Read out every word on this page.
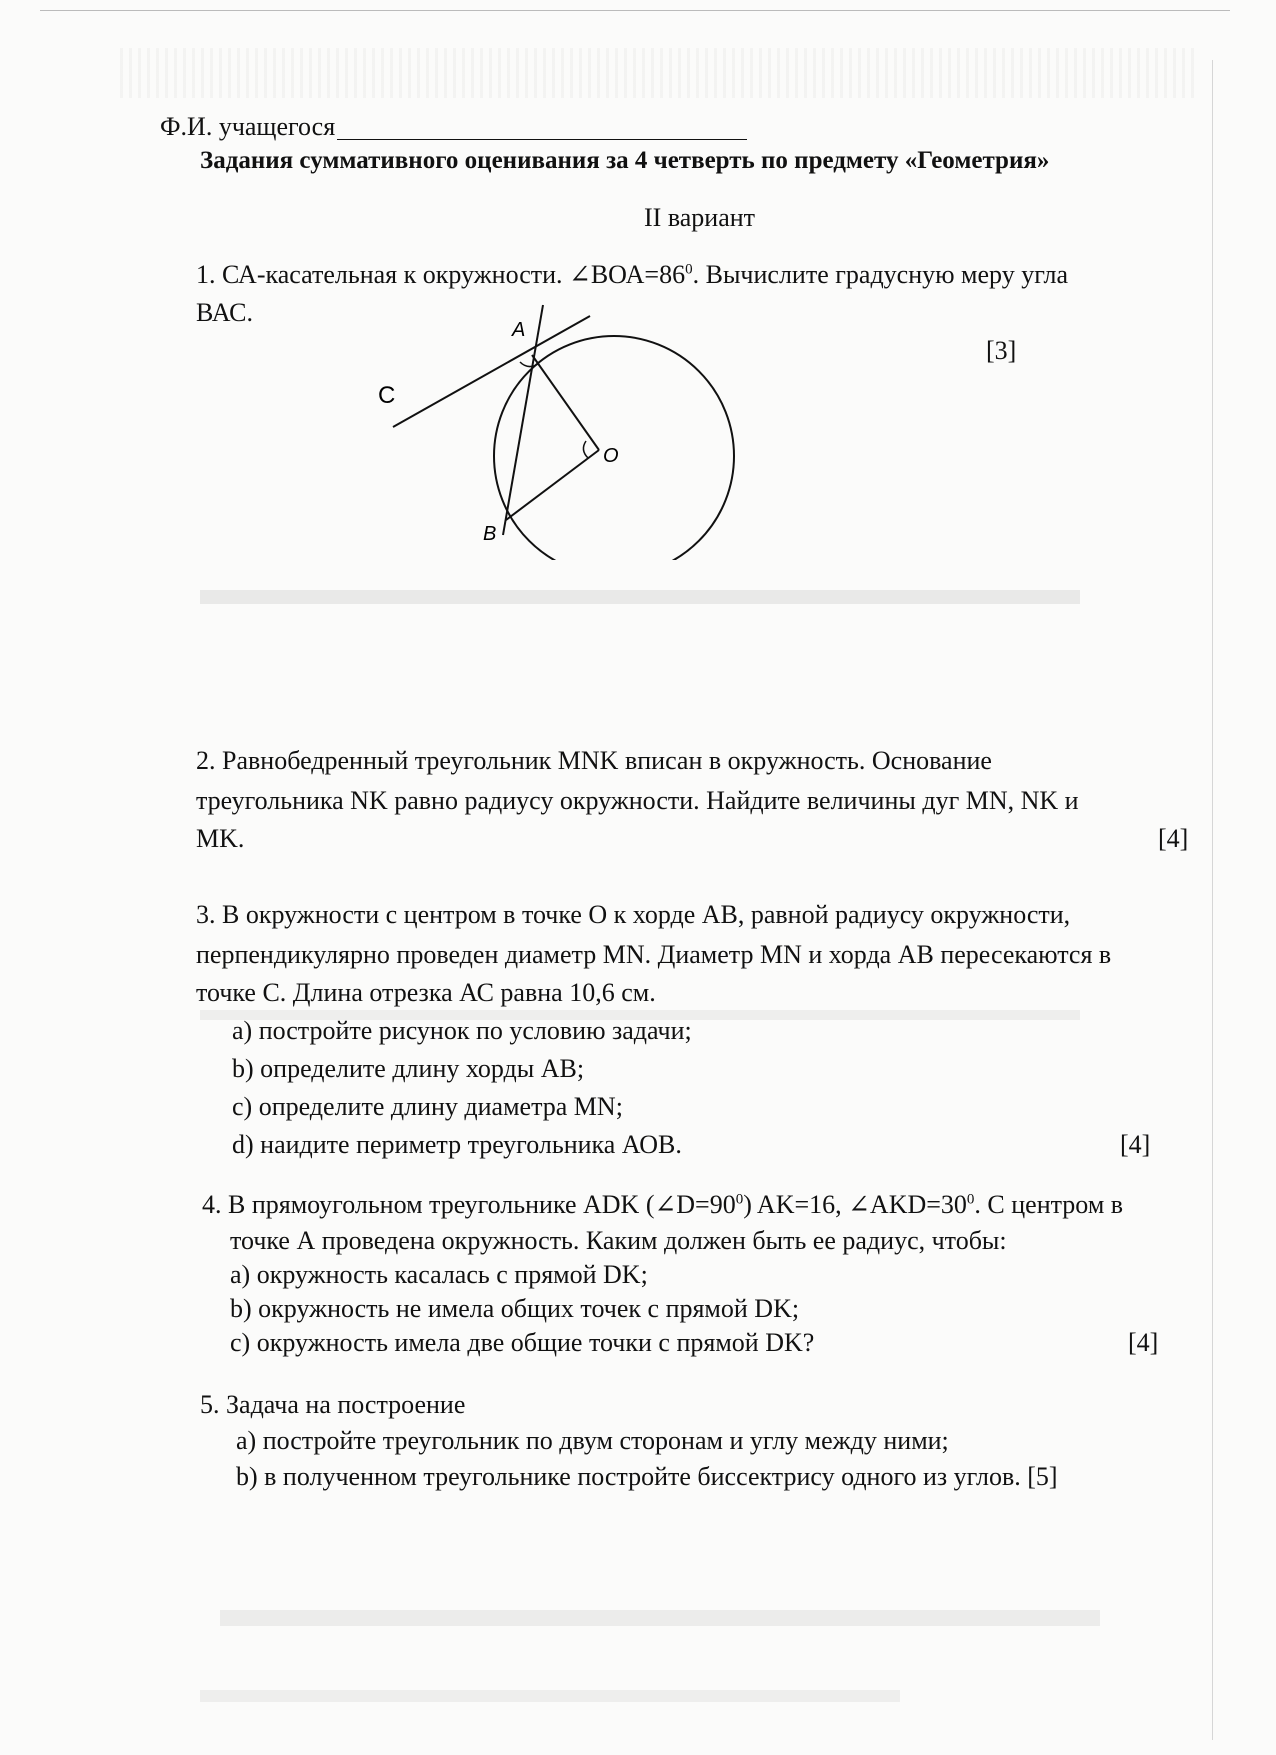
Ф.И. учащегося
Задания суммативного оценивания за 4 четверть по предмету «Геометрия»
II вариант
1. СА-касательная к окружности. $\angle ВОА=86^0$. Вычислите градусную меру угла
ВАС.
[3]
A
B
C
O
2. Равнобедренный треугольник MNK вписан в окружность. Основание
треугольника NK равно радиусу окружности. Найдите величины дуг MN, NK и
MK.	[4]
3. В окружности с центром в точке О к хорде АВ, равной радиусу окружности,
перпендикулярно проведен диаметр MN. Диаметр MN и хорда АВ пересекаются в
точке С. Длина отрезка АС равна 10,6 см.
a) постройте рисунок по условию задачи;
b) определите длину хорды АВ;
c) определите длину диаметра MN;
d) наидите периметр треугольника АОВ.	[4]
4. В прямоугольном треугольнике ADK $(\angle D=90^0)$ AK=16, $\angle AKD=30^0$. С центром в
точке А проведена окружность. Каким должен быть ее радиус, чтобы:
a) окружность касалась с прямой DK;
b) окружность не имела общих точек с прямой DK;
c) окружность имела две общие точки с прямой DK?	[4]
5. Задача на построение
a) постройте треугольник по двум сторонам и углу между ними;
b) в полученном треугольнике постройте биссектрису одного из углов. [5]
